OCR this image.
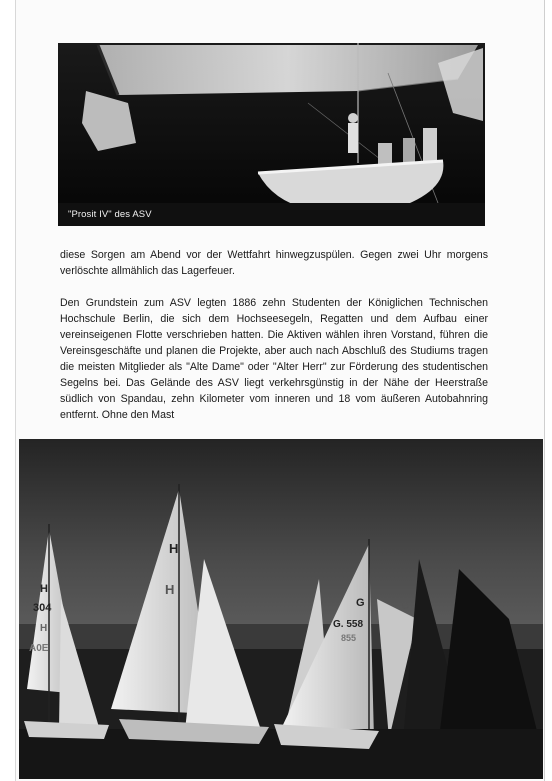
"Prosit IV" des ASV
diese Sorgen am Abend vor der Wettfahrt hinwegzuspülen. Gegen zwei Uhr morgens verlöschte allmählich das Lagerfeuer.
Den Grundstein zum ASV legten 1886 zehn Studenten der Königlichen Technischen Hochschule Berlin, die sich dem Hochseesegeln, Regatten und dem Aufbau einer vereinseigenen Flotte verschrieben hatten. Die Aktiven wählen ihren Vorstand, führen die Vereinsgeschäfte und planen die Projekte, aber auch nach Abschluß des Studiums tragen die meisten Mitglieder als "Alte Dame" oder "Alter Herr" zur Förderung des studentischen Segelns bei. Das Gelände des ASV liegt verkehrsgünstig in der Nähe der Heerstraße südlich von Spandau, zehn Kilometer vom inneren und 18 vom äußeren Autobahnring entfernt. Ohne den Mast
H
304
H
A0E
H
H
G
G. 558
855
C
